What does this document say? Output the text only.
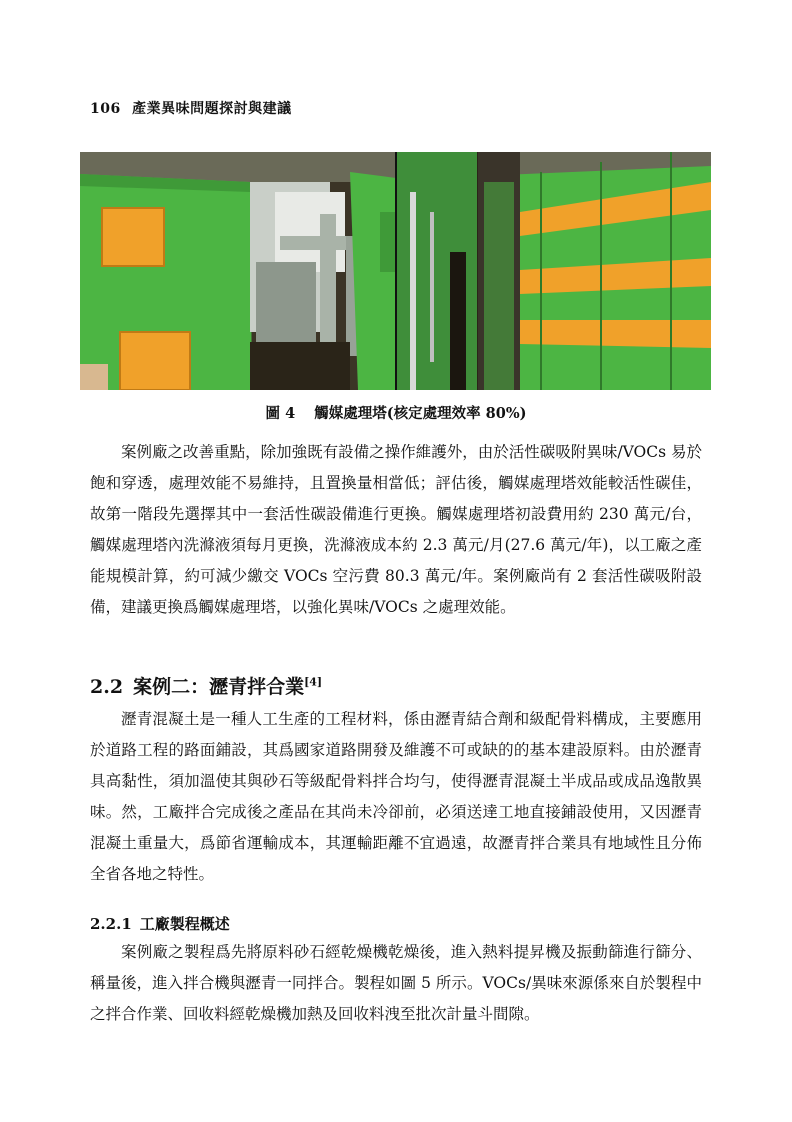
106 產業異味問題探討與建議
圖 4 觸媒處理塔(核定處理效率 80%)

案例廠之改善重點，除加強既有設備之操作維護外，由於活性碳吸附異味/VOCs 易於飽和穿透，處理效能不易維持，且置換量相當低；評估後，觸媒處理塔效能較活性碳佳，故第一階段先選擇其中一套活性碳設備進行更換。觸媒處理塔初設費用約 230 萬元/台，觸媒處理塔內洗滌液須每月更換，洗滌液成本約 2.3 萬元/月(27.6 萬元/年)，以工廠之產能規模計算，約可減少繳交 VOCs 空污費 80.3 萬元/年。案例廠尚有 2 套活性碳吸附設備，建議更換爲觸媒處理塔，以強化異味/VOCs 之處理效能。

2.2 案例二：瀝青拌合業[4]

瀝青混凝土是一種人工生產的工程材料，係由瀝青結合劑和級配骨料構成，主要應用於道路工程的路面鋪設，其爲國家道路開發及維護不可或缺的的基本建設原料。由於瀝青具高黏性，須加溫使其與砂石等級配骨料拌合均勻，使得瀝青混凝土半成品或成品逸散異味。然，工廠拌合完成後之產品在其尚未冷卻前，必須送達工地直接鋪設使用，又因瀝青混凝土重量大，爲節省運輸成本，其運輸距離不宜過遠，故瀝青拌合業具有地域性且分佈全省各地之特性。

2.2.1 工廠製程概述

案例廠之製程爲先將原料砂石經乾燥機乾燥後，進入熱料提昇機及振動篩進行篩分、稱量後，進入拌合機與瀝青一同拌合。製程如圖 5 所示。VOCs/異味來源係來自於製程中之拌合作業、回收料經乾燥機加熱及回收料洩至批次計量斗間隙。
